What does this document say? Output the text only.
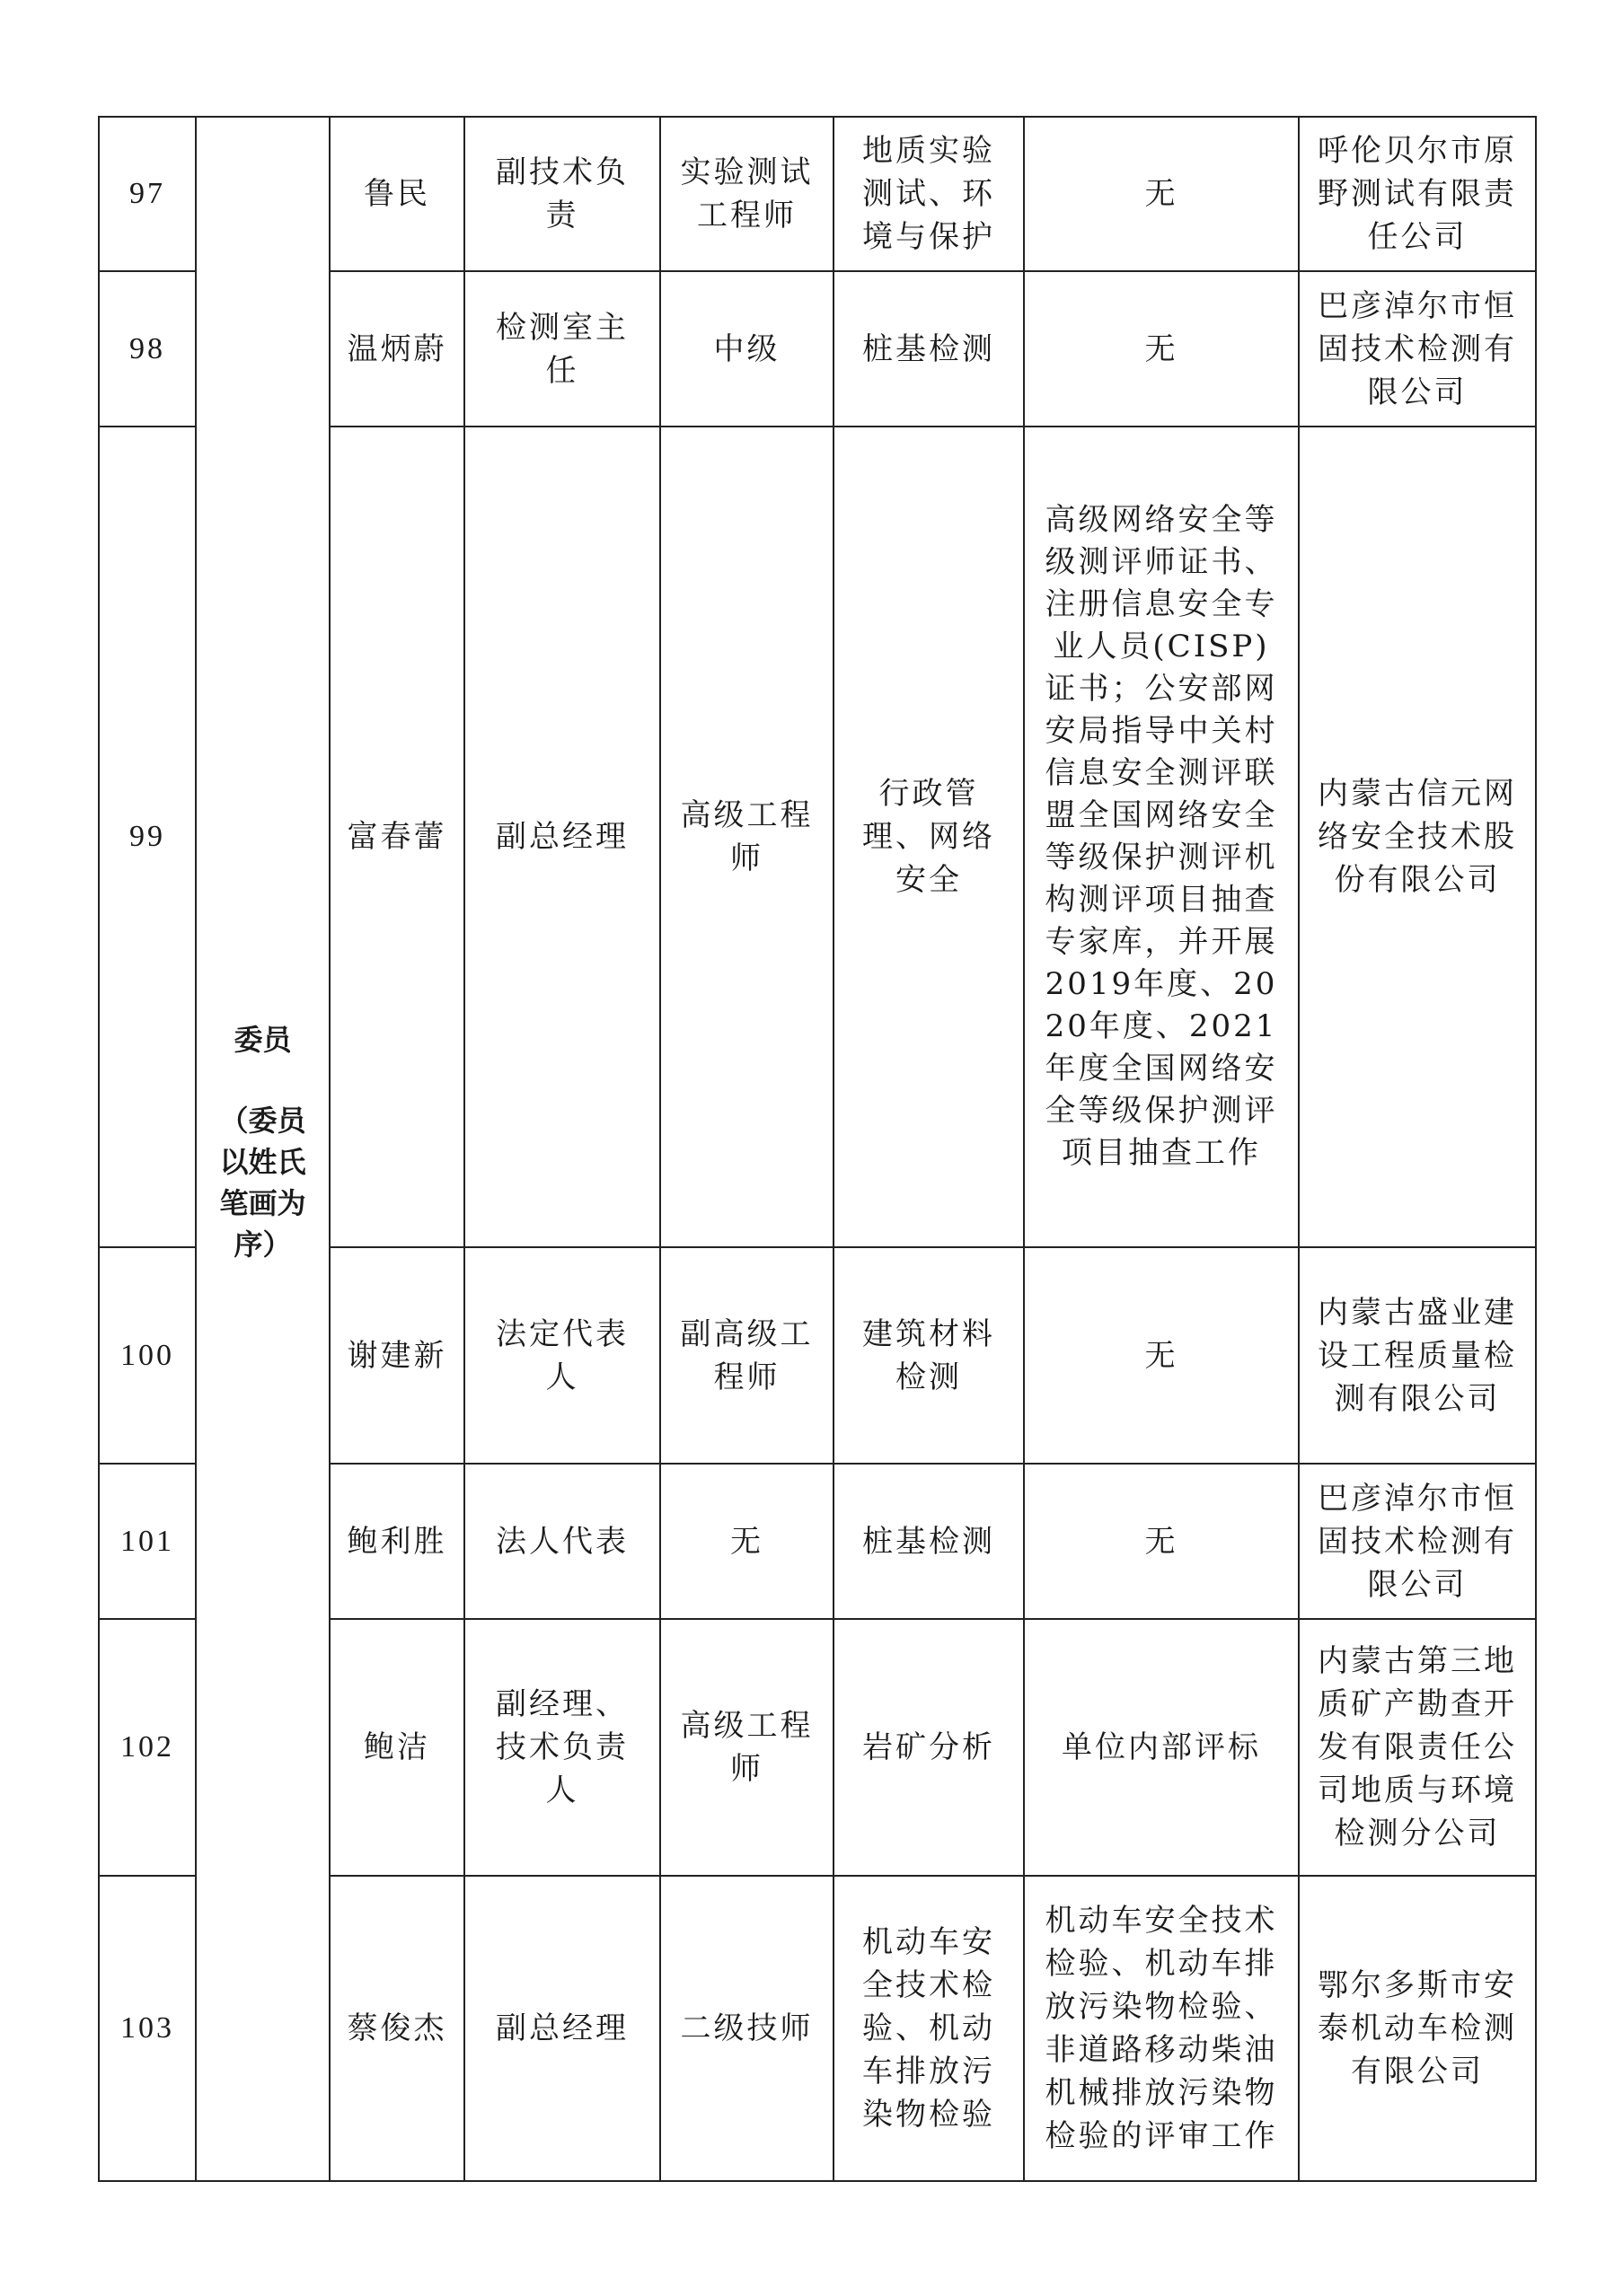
97		鲁民	副技术负责	实验测试工程师	地质实验测试、环境与保护	无	呼伦贝尔市原野测试有限责任公司
98		温炳蔚	检测室主任	中级	桩基检测	无	巴彦淖尔市恒固技术检测有限公司
99		富春蕾	副总经理	高级工程师	行政管理、网络安全	高级网络安全等级测评师证书、注册信息安全专业人员(CISP)证书；公安部网安局指导中关村信息安全测评联盟全国网络安全等级保护测评机构测评项目抽查专家库，并开展2019年度、2020年度、2021年度全国网络安全等级保护测评项目抽查工作	内蒙古信元网络安全技术股份有限公司
100		谢建新	法定代表人	副高级工程师	建筑材料检测	无	内蒙古盛业建设工程质量检测有限公司
101		鲍利胜	法人代表	无	桩基检测	无	巴彦淖尔市恒固技术检测有限公司
102		鲍洁	副经理、技术负责人	高级工程师	岩矿分析	单位内部评标	内蒙古第三地质矿产勘查开发有限责任公司地质与环境检测分公司
103		蔡俊杰	副总经理	二级技师	机动车安全技术检验、机动车排放污染物检验	机动车安全技术检验、机动车排放污染物检验、非道路移动柴油机械排放污染物检验的评审工作	鄂尔多斯市安泰机动车检测有限公司
委员
（委员以姓氏笔画为序）
